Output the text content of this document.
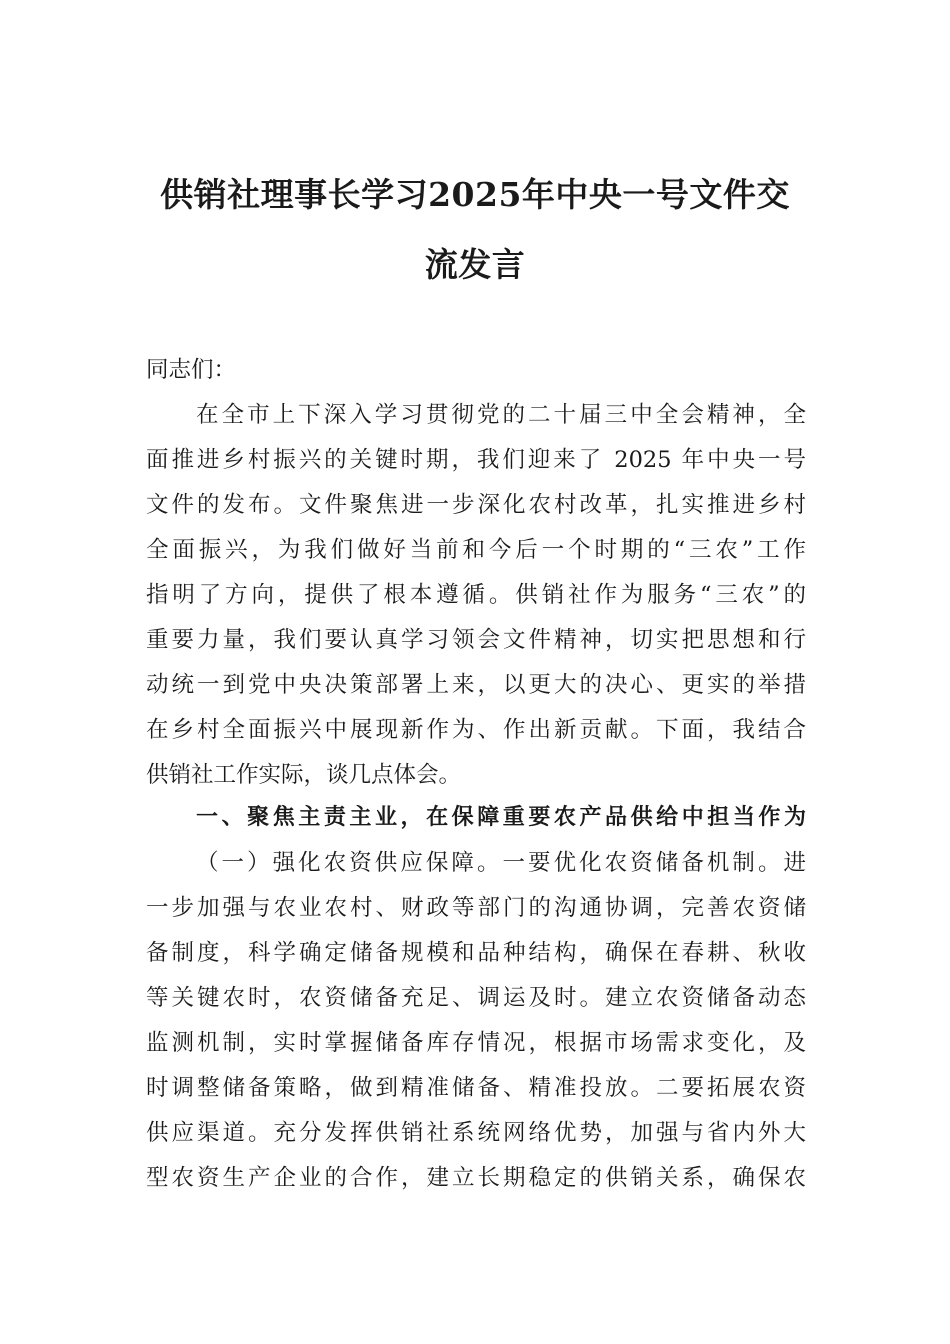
供销社理事长学习2025年中央一号文件交
流发言
同志们：
在全市上下深入学习贯彻党的二十届三中全会精神，全
面推进乡村振兴的关键时期，我们迎来了 2025 年中央一号
文件的发布。文件聚焦进一步深化农村改革，扎实推进乡村
全面振兴，为我们做好当前和今后一个时期的“三农”工作
指明了方向，提供了根本遵循。供销社作为服务“三农”的
重要力量，我们要认真学习领会文件精神，切实把思想和行
动统一到党中央决策部署上来，以更大的决心、更实的举措
在乡村全面振兴中展现新作为、作出新贡献。下面，我结合
供销社工作实际，谈几点体会。
一、聚焦主责主业，在保障重要农产品供给中担当作为
（一）强化农资供应保障。一要优化农资储备机制。进
一步加强与农业农村、财政等部门的沟通协调，完善农资储
备制度，科学确定储备规模和品种结构，确保在春耕、秋收
等关键农时，农资储备充足、调运及时。建立农资储备动态
监测机制，实时掌握储备库存情况，根据市场需求变化，及
时调整储备策略，做到精准储备、精准投放。二要拓展农资
供应渠道。充分发挥供销社系统网络优势，加强与省内外大
型农资生产企业的合作，建立长期稳定的供销关系，确保农
